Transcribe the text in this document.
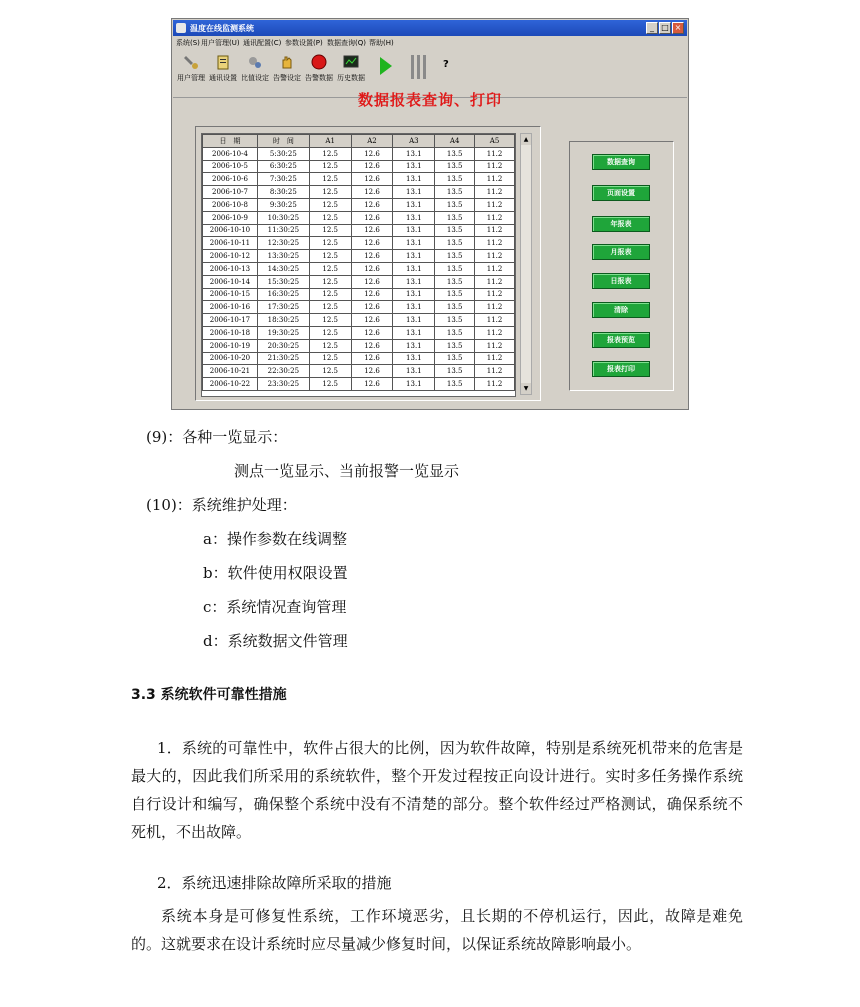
温度在线监测系统	_ □ ×
系统(S) 用户管理(U) 通讯配置(C) 参数设置(P) 数据查询(Q) 帮助(H)
用户管理 通讯设置 比值设定 告警设定 告警数据 历史数据
?
数据报表查询、打印
日　期	时　间	A1	A2	A3	A4	A5
2006-10-4	5:30:25	12.5	12.6	13.1	13.5	11.2
2006-10-5	6:30:25	12.5	12.6	13.1	13.5	11.2
2006-10-6	7:30:25	12.5	12.6	13.1	13.5	11.2
2006-10-7	8:30:25	12.5	12.6	13.1	13.5	11.2
2006-10-8	9:30:25	12.5	12.6	13.1	13.5	11.2
2006-10-9	10:30:25	12.5	12.6	13.1	13.5	11.2
2006-10-10	11:30:25	12.5	12.6	13.1	13.5	11.2
2006-10-11	12:30:25	12.5	12.6	13.1	13.5	11.2
2006-10-12	13:30:25	12.5	12.6	13.1	13.5	11.2
2006-10-13	14:30:25	12.5	12.6	13.1	13.5	11.2
2006-10-14	15:30:25	12.5	12.6	13.1	13.5	11.2
2006-10-15	16:30:25	12.5	12.6	13.1	13.5	11.2
2006-10-16	17:30:25	12.5	12.6	13.1	13.5	11.2
2006-10-17	18:30:25	12.5	12.6	13.1	13.5	11.2
2006-10-18	19:30:25	12.5	12.6	13.1	13.5	11.2
2006-10-19	20:30:25	12.5	12.6	13.1	13.5	11.2
2006-10-20	21:30:25	12.5	12.6	13.1	13.5	11.2
2006-10-21	22:30:25	12.5	12.6	13.1	13.5	11.2
2006-10-22	23:30:25	12.5	12.6	13.1	13.5	11.2
▲
▼
数据查询
页面设置
年报表
月报表
日报表
清除
报表预览
报表打印
(9)：各种一览显示：
测点一览显示、当前报警一览显示
(10)：系统维护处理：
a：操作参数在线调整
b：软件使用权限设置
c：系统情况查询管理
d：系统数据文件管理
3.3 系统软件可靠性措施
1．系统的可靠性中，软件占很大的比例，因为软件故障，特别是系统死机带来的危害是最大的，因此我们所采用的系统软件，整个开发过程按正向设计进行。实时多任务操作系统自行设计和编写，确保整个系统中没有不清楚的部分。整个软件经过严格测试，确保系统不死机，不出故障。
2．系统迅速排除故障所采取的措施
系统本身是可修复性系统，工作环境恶劣，且长期的不停机运行，因此，故障是难免的。这就要求在设计系统时应尽量减少修复时间，以保证系统故障影响最小。
